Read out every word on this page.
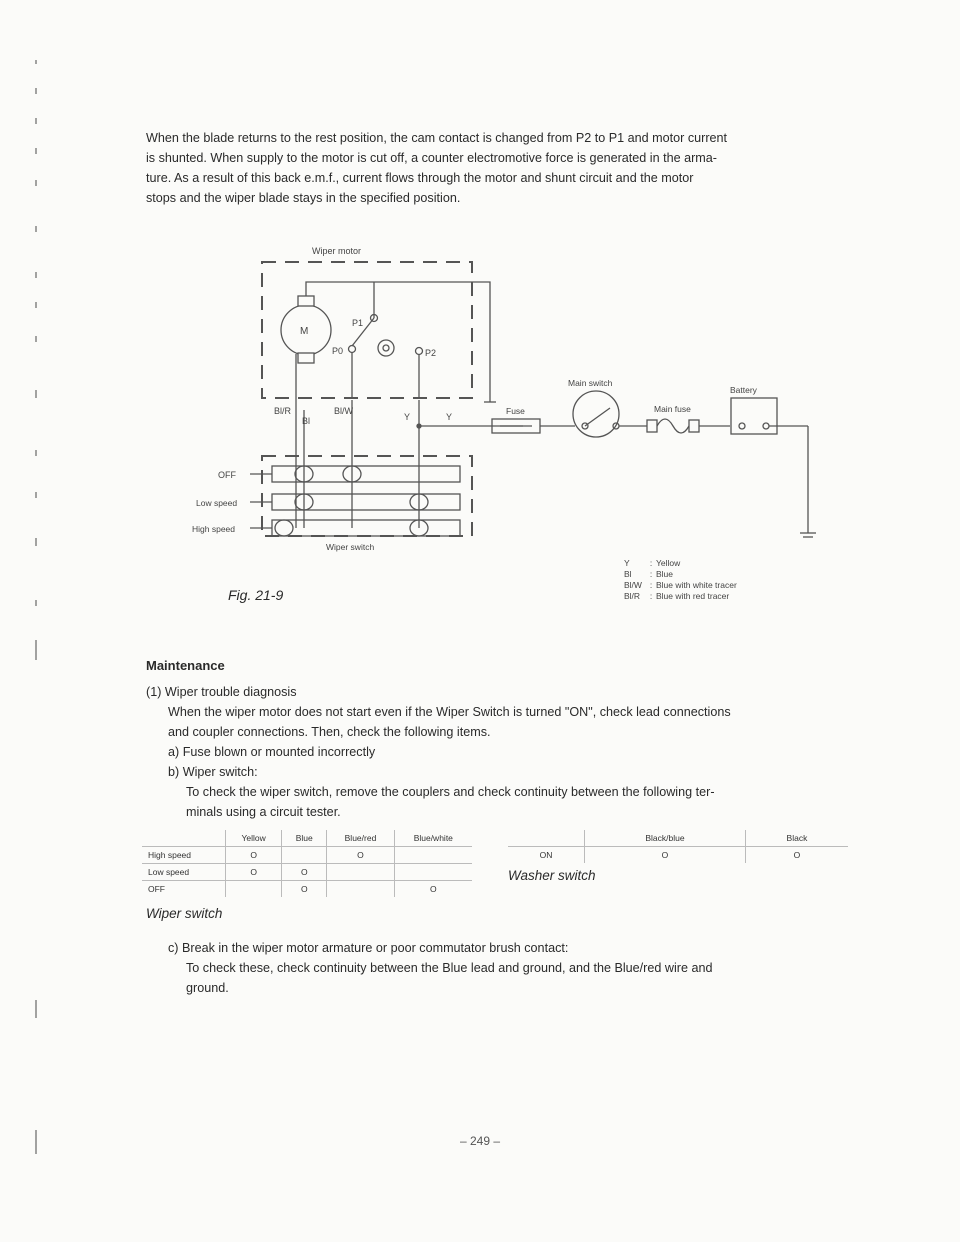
When the blade returns to the rest position, the cam contact is changed from P2 to P1 and motor current
is shunted. When supply to the motor is cut off, a counter electromotive force is generated in the arma-
ture. As a result of this back e.m.f., current flows through the motor and shunt circuit and the motor
stops and the wiper blade stays in the specified position.
Wiper motor
M
P1
P0	P2
Bl/R
Bl
Bl/W
Y	Y
Fuse
Main switch
Main fuse
Battery
OFF
Low speed
High speed
Wiper switch
Fig. 21-9
Y : Yellow
Bl : Blue
Bl/W : Blue with white tracer
Bl/R : Blue with red tracer
Maintenance
(1) Wiper trouble diagnosis
When the wiper motor does not start even if the Wiper Switch is turned "ON", check lead connections
and coupler connections. Then, check the following items.
a) Fuse blown or mounted incorrectly
b) Wiper switch:
To check the wiper switch, remove the couplers and check continuity between the following ter-
minals using a circuit tester.
	Yellow	Blue	Blue/red	Blue/white
High speed	O		O	
Low speed	O	O		
OFF		O		O
Wiper switch
	Black/blue	Black
ON	O	O
Washer switch
c) Break in the wiper motor armature or poor commutator brush contact:
To check these, check continuity between the Blue lead and ground, and the Blue/red wire and
ground.
– 249 –
